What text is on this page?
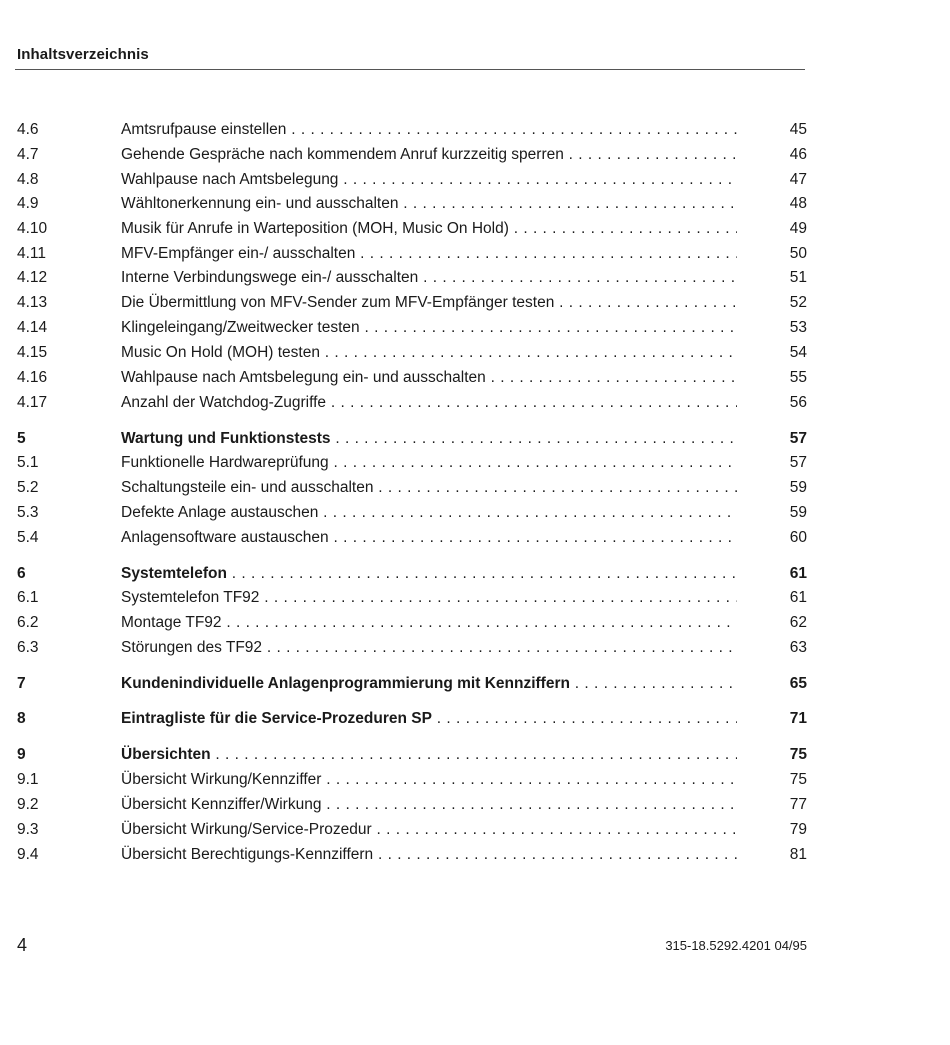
Inhaltsverzeichnis
4.6	Amtsrufpause einstellen . . .	45
4.7	Gehende Gespräche nach kommendem Anruf kurzzeitig sperren . . .	46
4.8	Wahlpause nach Amtsbelegung . . .	47
4.9	Wähltonerkennung ein- und ausschalten . . .	48
4.10	Musik für Anrufe in Warteposition (MOH, Music On Hold) . . .	49
4.11	MFV-Empfänger ein-/ ausschalten . . .	50
4.12	Interne Verbindungswege ein-/ ausschalten . . .	51
4.13	Die Übermittlung von MFV-Sender zum MFV-Empfänger testen . . .	52
4.14	Klingeleingang/Zweitwecker testen . . .	53
4.15	Music On Hold (MOH) testen . . .	54
4.16	Wahlpause nach Amtsbelegung ein- und ausschalten . . .	55
4.17	Anzahl der Watchdog-Zugriffe . . .	56
5	Wartung und Funktionstests . . .	57
5.1	Funktionelle Hardwareprüfung . . .	57
5.2	Schaltungsteile ein- und ausschalten . . .	59
5.3	Defekte Anlage austauschen . . .	59
5.4	Anlagensoftware austauschen . . .	60
6	Systemtelefon . . .	61
6.1	Systemtelefon TF92 . . .	61
6.2	Montage TF92 . . .	62
6.3	Störungen des TF92 . . .	63
7	Kundenindividuelle Anlagenprogrammierung mit Kennziffern . . .	65
8	Eintragliste für die Service-Prozeduren SP . . .	71
9	Übersichten . . .	75
9.1	Übersicht Wirkung/Kennziffer . . .	75
9.2	Übersicht Kennziffer/Wirkung . . .	77
9.3	Übersicht Wirkung/Service-Prozedur . . .	79
9.4	Übersicht Berechtigungs-Kennziffern . . .	81
4	315-18.5292.4201 04/95
